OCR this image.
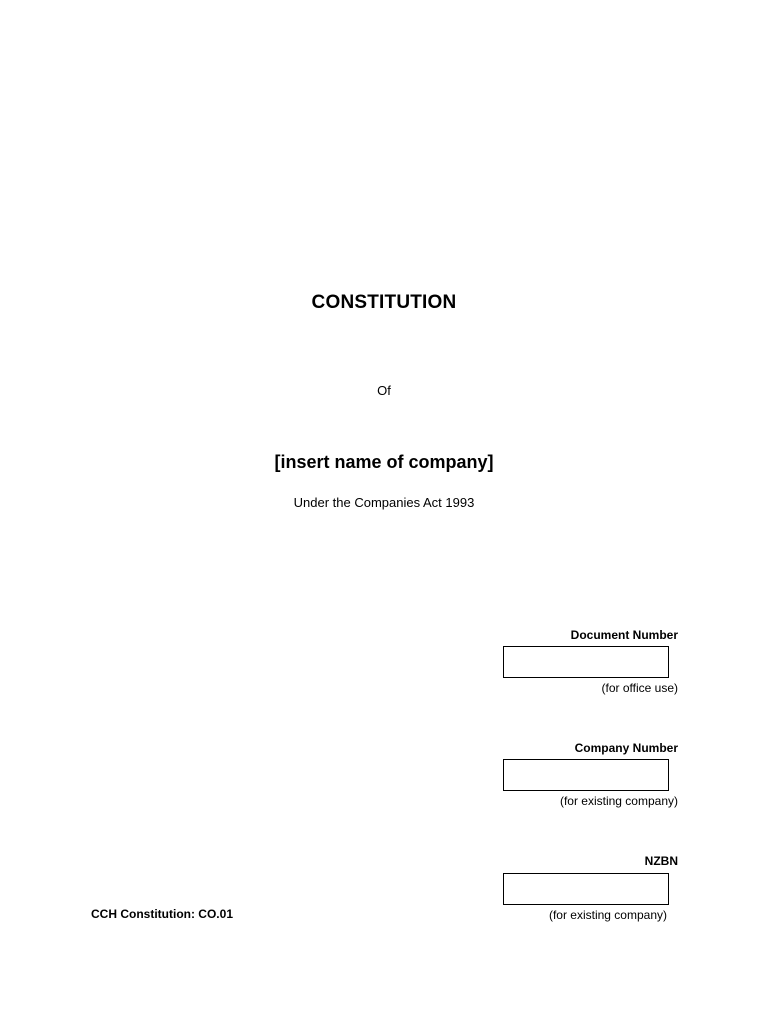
CONSTITUTION
Of
[insert name of company]
Under the Companies Act 1993
Document Number
(for office use)
Company Number
(for existing company)
NZBN
(for existing company)
CCH Constitution: CO.01
